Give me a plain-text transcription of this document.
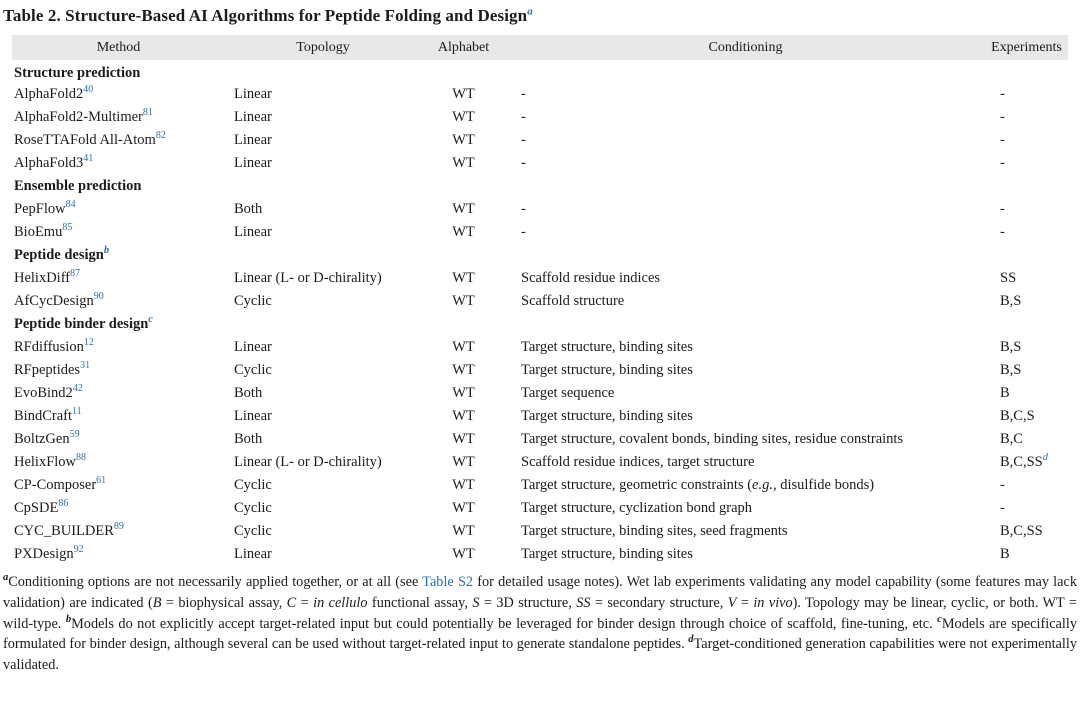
Table 2. Structure-Based AI Algorithms for Peptide Folding and Design$^a$
Method	Topology	Alphabet	Conditioning	Experiments
Structure prediction				
AlphaFold2$^{40}$	Linear	WT	-	-
AlphaFold2-Multimer$^{81}$	Linear	WT	-	-
RoseTTAFold All-Atom$^{82}$	Linear	WT	-	-
AlphaFold3$^{41}$	Linear	WT	-	-
Ensemble prediction				
PepFlow$^{84}$	Both	WT	-	-
BioEmu$^{85}$	Linear	WT	-	-
Peptide design$^b$
HelixDiff$^{87}$	Linear (L- or D-chirality)	WT	Scaffold residue indices	SS
AfCycDesign$^{90}$	Cyclic	WT	Scaffold structure	B,S
Peptide binder design$^c$
RFdiffusion$^{12}$	Linear	WT	Target structure, binding sites	B,S
RFpeptides$^{31}$	Cyclic	WT	Target structure, binding sites	B,S
EvoBind2$^{42}$	Both	WT	Target sequence	B
BindCraft$^{11}$	Linear	WT	Target structure, binding sites	B,C,S
BoltzGen$^{59}$	Both	WT	Target structure, covalent bonds, binding sites, residue constraints	B,C
HelixFlow$^{88}$	Linear (L- or D-chirality)	WT	Scaffold residue indices, target structure	B,C,SS$^d$
CP-Composer$^{61}$	Cyclic	WT	Target structure, geometric constraints (e.g., disulfide bonds)	-
CpSDE$^{86}$	Cyclic	WT	Target structure, cyclization bond graph	-
CYC_BUILDER$^{89}$	Cyclic	WT	Target structure, binding sites, seed fragments	B,C,SS
PXDesign$^{92}$	Linear	WT	Target structure, binding sites	B
$^a$Conditioning options are not necessarily applied together, or at all (see Table S2 for detailed usage notes). Wet lab experiments validating any model capability (some features may lack validation) are indicated (B = biophysical assay, C = in cellulo functional assay, S = 3D structure, SS = secondary structure, V = in vivo). Topology may be linear, cyclic, or both. WT = wild-type. $^b$Models do not explicitly accept target-related input but could potentially be leveraged for binder design through choice of scaffold, fine-tuning, etc. $^c$Models are specifically formulated for binder design, although several can be used without target-related input to generate standalone peptides. $^d$Target-conditioned generation capabilities were not experimentally validated.
